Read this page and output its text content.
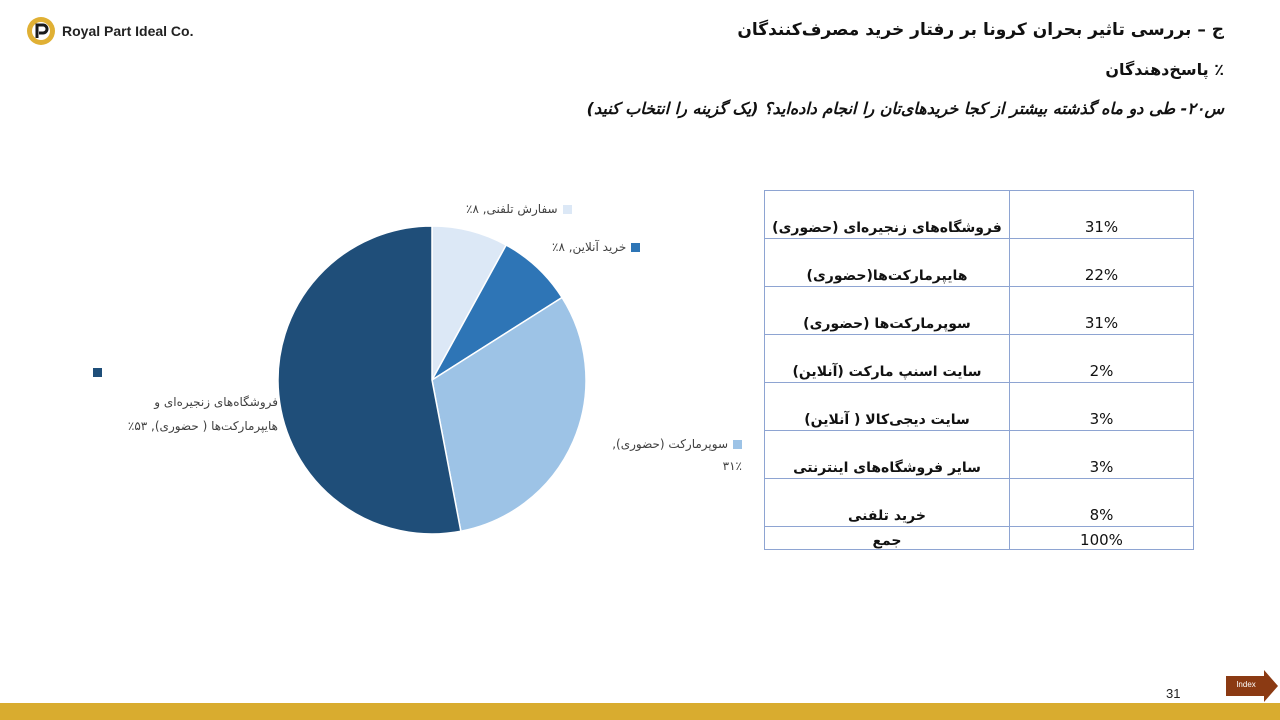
Royal Part Ideal Co.	ج – بررسی تاثیر بحران کرونا بر رفتار خرید مصرف‌کنندگان
٪ پاسخ‌دهندگان
س۲۰- طی دو ماه گذشته بیشتر از کجا خریدهای‌تان را انجام داده‌اید؟ (یک گزینه را انتخاب کنید)
سفارش تلفنی, ۸٪
خرید آنلاین, ۸٪
سوپرمارکت (حضوری),
۳۱٪

فروشگاه‌های زنجیره‌ای و
هایپرمارکت‌ها ( حضوری), ۵۳٪
فروشگاه‌های زنجیره‌ای (حضوری)	31%
هایپرمارکت‌ها(حضوری)	22%
سوپرمارکت‌ها (حضوری)	31%
سایت اسنپ مارکت (آنلاین)	2%
سایت دیجی‌کالا ( آنلاین)	3%
سایر فروشگاه‌های اینترنتی	3%
خرید تلفنی	8%
جمع	100%
31
Index
